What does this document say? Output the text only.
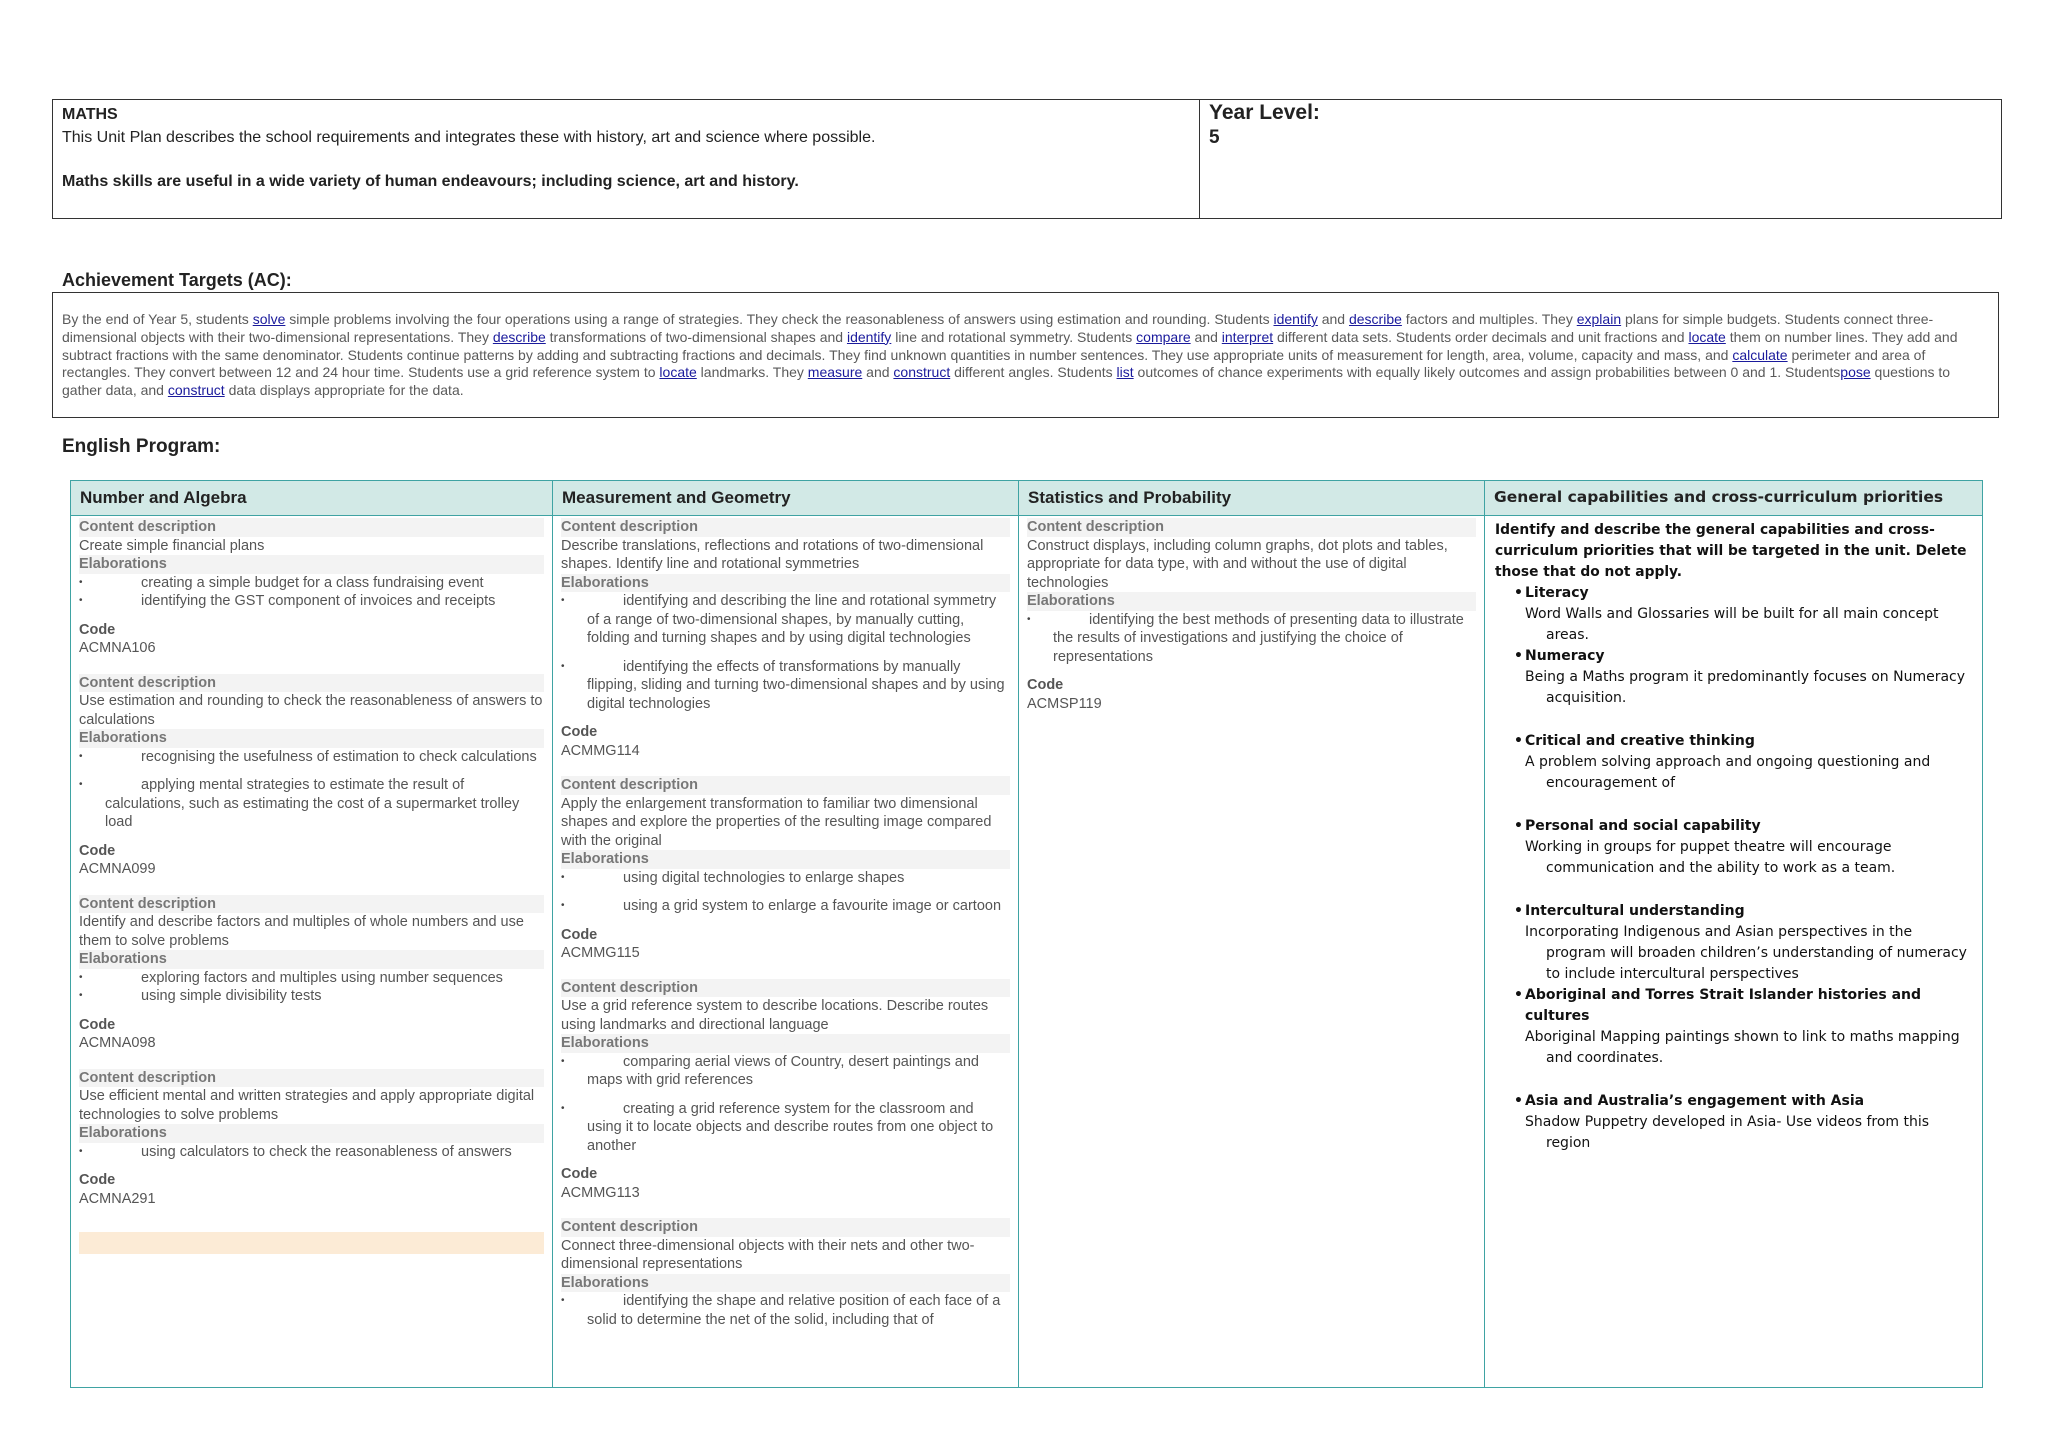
MATHS
This Unit Plan describes the school requirements and integrates these with history, art and science where possible.
Maths skills are useful in a wide variety of human endeavours; including science, art and history.
Year Level:
5
Achievement Targets (AC):
By the end of Year 5, students solve simple problems involving the four operations using a range of strategies. They check the reasonableness of answers using estimation and rounding. Students identify and describe factors and multiples. They explain plans for simple budgets. Students connect three-dimensional objects with their two-dimensional representations. They describe transformations of two-dimensional shapes and identify line and rotational symmetry. Students compare and interpret different data sets. Students order decimals and unit fractions and locate them on number lines. They add and subtract fractions with the same denominator. Students continue patterns by adding and subtracting fractions and decimals. They find unknown quantities in number sentences. They use appropriate units of measurement for length, area, volume, capacity and mass, and calculate perimeter and area of rectangles. They convert between 12 and 24 hour time. Students use a grid reference system to locate landmarks. They measure and construct different angles. Students list outcomes of chance experiments with equally likely outcomes and assign probabilities between 0 and 1. Studentspose questions to gather data, and construct data displays appropriate for the data.
English Program:
Number and Algebra
Content description
Create simple financial plans
Elaborations
• creating a simple budget for a class fundraising event
• identifying the GST component of invoices and receipts
Code
ACMNA106
Content description
Use estimation and rounding to check the reasonableness of answers to calculations
Elaborations
• recognising the usefulness of estimation to check calculations
• applying mental strategies to estimate the result of calculations, such as estimating the cost of a supermarket trolley load
Code
ACMNA099
Content description
Identify and describe factors and multiples of whole numbers and use them to solve problems
Elaborations
• exploring factors and multiples using number sequences
• using simple divisibility tests
Code
ACMNA098
Content description
Use efficient mental and written strategies and apply appropriate digital technologies to solve problems
Elaborations
• using calculators to check the reasonableness of answers
Code
ACMNA291
Measurement and Geometry
Content description
Describe translations, reflections and rotations of two-dimensional shapes. Identify line and rotational symmetries
Elaborations
• identifying and describing the line and rotational symmetry of a range of two-dimensional shapes, by manually cutting, folding and turning shapes and by using digital technologies
• identifying the effects of transformations by manually flipping, sliding and turning two-dimensional shapes and by using digital technologies
Code
ACMMG114
Content description
Apply the enlargement transformation to familiar two dimensional shapes and explore the properties of the resulting image compared with the original
Elaborations
• using digital technologies to enlarge shapes
• using a grid system to enlarge a favourite image or cartoon
Code
ACMMG115
Content description
Use a grid reference system to describe locations. Describe routes using landmarks and directional language
Elaborations
• comparing aerial views of Country, desert paintings and maps with grid references
• creating a grid reference system for the classroom and using it to locate objects and describe routes from one object to another
Code
ACMMG113
Content description
Connect three-dimensional objects with their nets and other two-dimensional representations
Elaborations
• identifying the shape and relative position of each face of a solid to determine the net of the solid, including that of
Statistics and Probability
Content description
Construct displays, including column graphs, dot plots and tables, appropriate for data type, with and without the use of digital technologies
Elaborations
• identifying the best methods of presenting data to illustrate the results of investigations and justifying the choice of representations
Code
ACMSP119
General capabilities and cross-curriculum priorities
Identify and describe the general capabilities and cross-curriculum priorities that will be targeted in the unit. Delete those that do not apply.
• Literacy
Word Walls and Glossaries will be built for all main concept areas.
• Numeracy
Being a Maths program it predominantly focuses on Numeracy acquisition.
• Critical and creative thinking
A problem solving approach and ongoing questioning and encouragement of
• Personal and social capability
Working in groups for puppet theatre will encourage communication and the ability to work as a team.
• Intercultural understanding
Incorporating Indigenous and Asian perspectives in the program will broaden children’s understanding of numeracy to include intercultural perspectives
• Aboriginal and Torres Strait Islander histories and cultures
Aboriginal Mapping paintings shown to link to maths mapping and coordinates.
• Asia and Australia’s engagement with Asia
Shadow Puppetry developed in Asia- Use videos from this region
